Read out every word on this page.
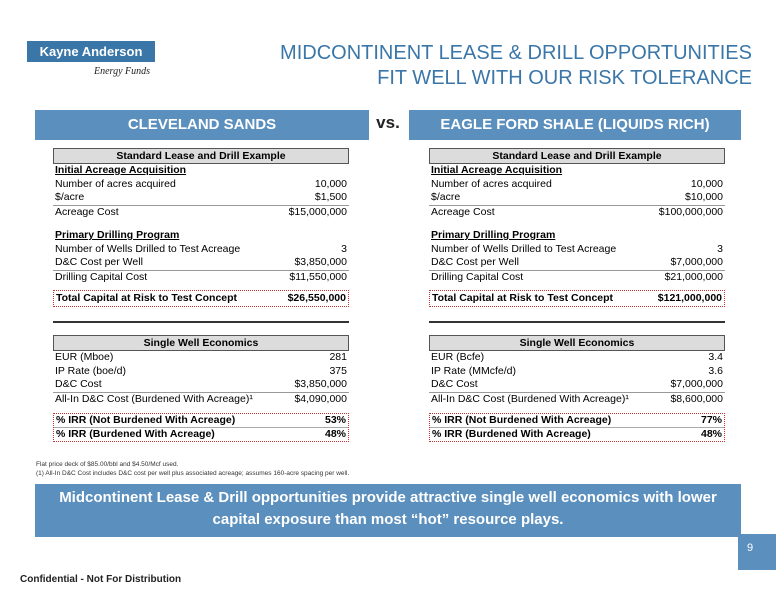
Kayne Anderson
Energy Funds
MIDCONTINENT LEASE & DRILL OPPORTUNITIES
FIT WELL WITH OUR RISK TOLERANCE
CLEVELAND SANDS	vs.	EAGLE FORD SHALE (LIQUIDS RICH)
Standard Lease and Drill Example
Initial Acreage Acquisition
Number of acres acquired	10,000
$/acre	$1,500
Acreage Cost	$15,000,000
Primary Drilling Program
Number of Wells Drilled to Test Acreage	3
D&C Cost per Well	$3,850,000
Drilling Capital Cost	$11,550,000
Total Capital at Risk to Test Concept	$26,550,000
Single Well Economics
EUR (Mboe)	281
IP Rate (boe/d)	375
D&C Cost	$3,850,000
All-In D&C Cost (Burdened With Acreage)¹	$4,090,000
% IRR (Not Burdened With Acreage)	53%
% IRR (Burdened With Acreage)	48%
Standard Lease and Drill Example
Initial Acreage Acquisition
Number of acres acquired	10,000
$/acre	$10,000
Acreage Cost	$100,000,000
Primary Drilling Program
Number of Wells Drilled to Test Acreage	3
D&C Cost per Well	$7,000,000
Drilling Capital Cost	$21,000,000
Total Capital at Risk to Test Concept	$121,000,000
Single Well Economics
EUR (Bcfe)	3.4
IP Rate (MMcfe/d)	3.6
D&C Cost	$7,000,000
All-In D&C Cost (Burdened With Acreage)¹	$8,600,000
% IRR (Not Burdened With Acreage)	77%
% IRR (Burdened With Acreage)	48%
Flat price deck of $85.00/bbl and $4.50/Mcf used.
(1) All-In D&C Cost includes D&C cost per well plus associated acreage; assumes 160-acre spacing per well.
Midcontinent Lease & Drill opportunities provide attractive single well economics with lower capital exposure than most “hot” resource plays.
9
Confidential - Not For Distribution
